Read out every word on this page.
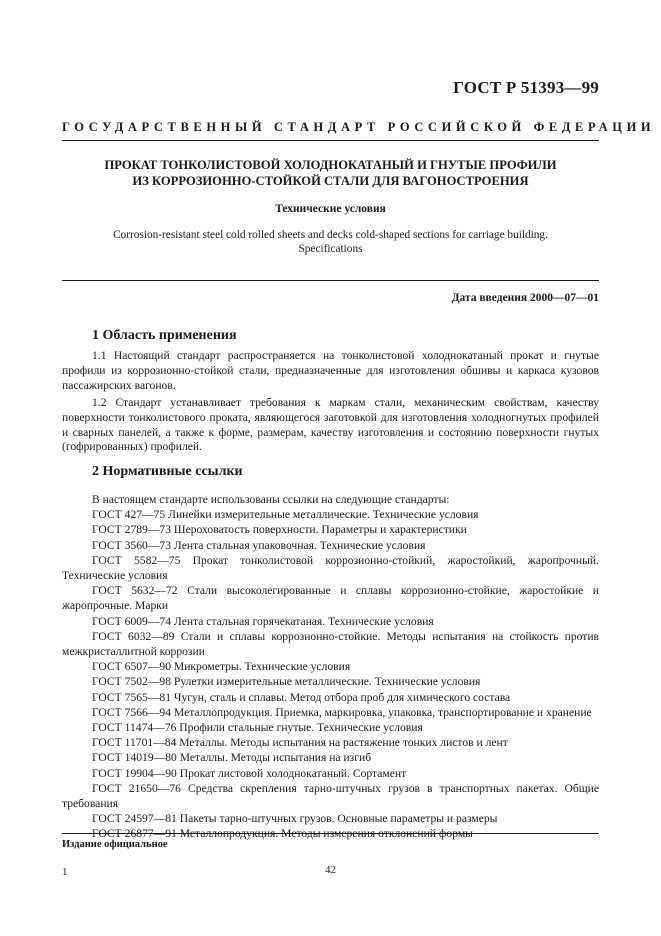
ГОСТ Р 51393—99
ГОСУДАРСТВЕННЫЙ СТАНДАРТ РОССИЙСКОЙ ФЕДЕРАЦИИ
ПРОКАТ ТОНКОЛИСТОВОЙ ХОЛОДНОКАТАНЫЙ И ГНУТЫЕ ПРОФИЛИ
ИЗ КОРРОЗИОННО-СТОЙКОЙ СТАЛИ ДЛЯ ВАГОНОСТРОЕНИЯ
Технические условия
Corrosion-resistant steel cold rolled sheets and decks cold-shaped sections for carriage building.
Specifications
Дата введения 2000—07—01
1 Область применения
1.1 Настоящий стандарт распространяется на тонколистовой холоднокатаный прокат и гнутые профили из коррозионно-стойкой стали, предназначенные для изготовления обшивы и каркаса кузовов пассажирских вагонов.
1.2 Стандарт устанавливает требования к маркам стали, механическим свойствам, качеству поверхности тонколистового проката, являющегося заготовкой для изготовления холодногнутых профилей и сварных панелей, а также к форме, размерам, качеству изготовления и состоянию поверхности гнутых (гофрированных) профилей.
2 Нормативные ссылки
В настоящем стандарте использованы ссылки на следующие стандарты:
ГОСТ 427—75 Линейки измерительные металлические. Технические условия
ГОСТ 2789—73 Шероховатость поверхности. Параметры и характеристики
ГОСТ 3560—73 Лента стальная упаковочная. Технические условия
ГОСТ 5582—75 Прокат тонколистовой коррозионно-стойкий, жаростойкий, жаропрочный. Технические условия
ГОСТ 5632—72 Стали высоколегированные и сплавы коррозионно-стойкие, жаростойкие и жаропрочные. Марки
ГОСТ 6009—74 Лента стальная горячекатаная. Технические условия
ГОСТ 6032—89 Стали и сплавы коррозионно-стойкие. Методы испытания на стойкость против межкристаллитной коррозии
ГОСТ 6507—90 Микрометры. Технические условия
ГОСТ 7502—98 Рулетки измерительные металлические. Технические условия
ГОСТ 7565—81 Чугун, сталь и сплавы. Метод отбора проб для химического состава
ГОСТ 7566—94 Металлопродукция. Приемка, маркировка, упаковка, транспортирование и хранение
ГОСТ 11474—76 Профили стальные гнутые. Технические условия
ГОСТ 11701—84 Металлы. Методы испытания на растяжение тонких листов и лент
ГОСТ 14019—80 Металлы. Методы испытания на изгиб
ГОСТ 19904—90 Прокат листовой холоднокатаный. Сортамент
ГОСТ 21650—76 Средства скрепления тарно-штучных грузов в транспортных пакетах. Общие требования
ГОСТ 24597—81 Пакеты тарно-штучных грузов. Основные параметры и размеры
ГОСТ 26877—91 Металлопродукция. Методы измерения отклонений формы
Издание официальное
1	42
